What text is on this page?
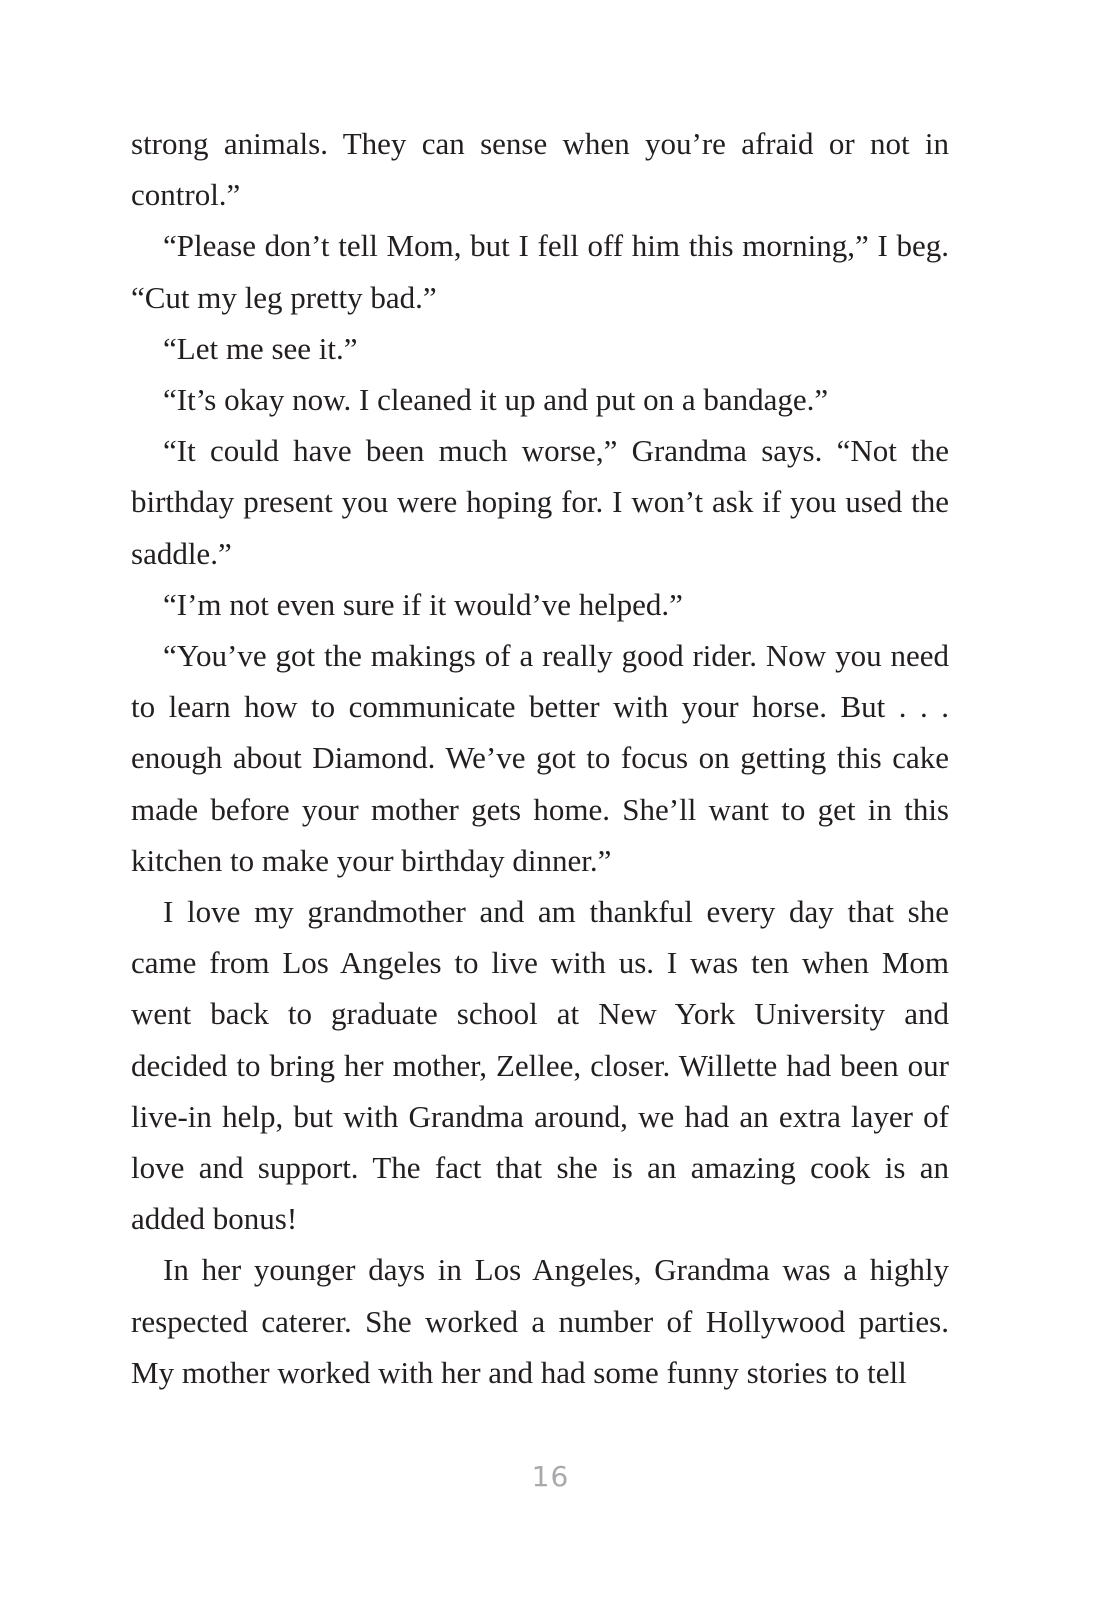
strong animals. They can sense when you’re afraid or not in control.”

“Please don’t tell Mom, but I fell off him this morning,” I beg. “Cut my leg pretty bad.”

“Let me see it.”

“It’s okay now. I cleaned it up and put on a bandage.”

“It could have been much worse,” Grandma says. “Not the birthday present you were hoping for. I won’t ask if you used the saddle.”

“I’m not even sure if it would’ve helped.”

“You’ve got the makings of a really good rider. Now you need to learn how to communicate better with your horse. But . . . enough about Diamond. We’ve got to focus on getting this cake made before your mother gets home. She’ll want to get in this kitchen to make your birthday dinner.”

I love my grandmother and am thankful every day that she came from Los Angeles to live with us. I was ten when Mom went back to graduate school at New York University and decided to bring her mother, Zellee, closer. Willette had been our live-in help, but with Grandma around, we had an extra layer of love and support. The fact that she is an amazing cook is an added bonus!

In her younger days in Los Angeles, Grandma was a highly respected caterer. She worked a number of Hollywood parties. My mother worked with her and had some funny stories to tell

16
